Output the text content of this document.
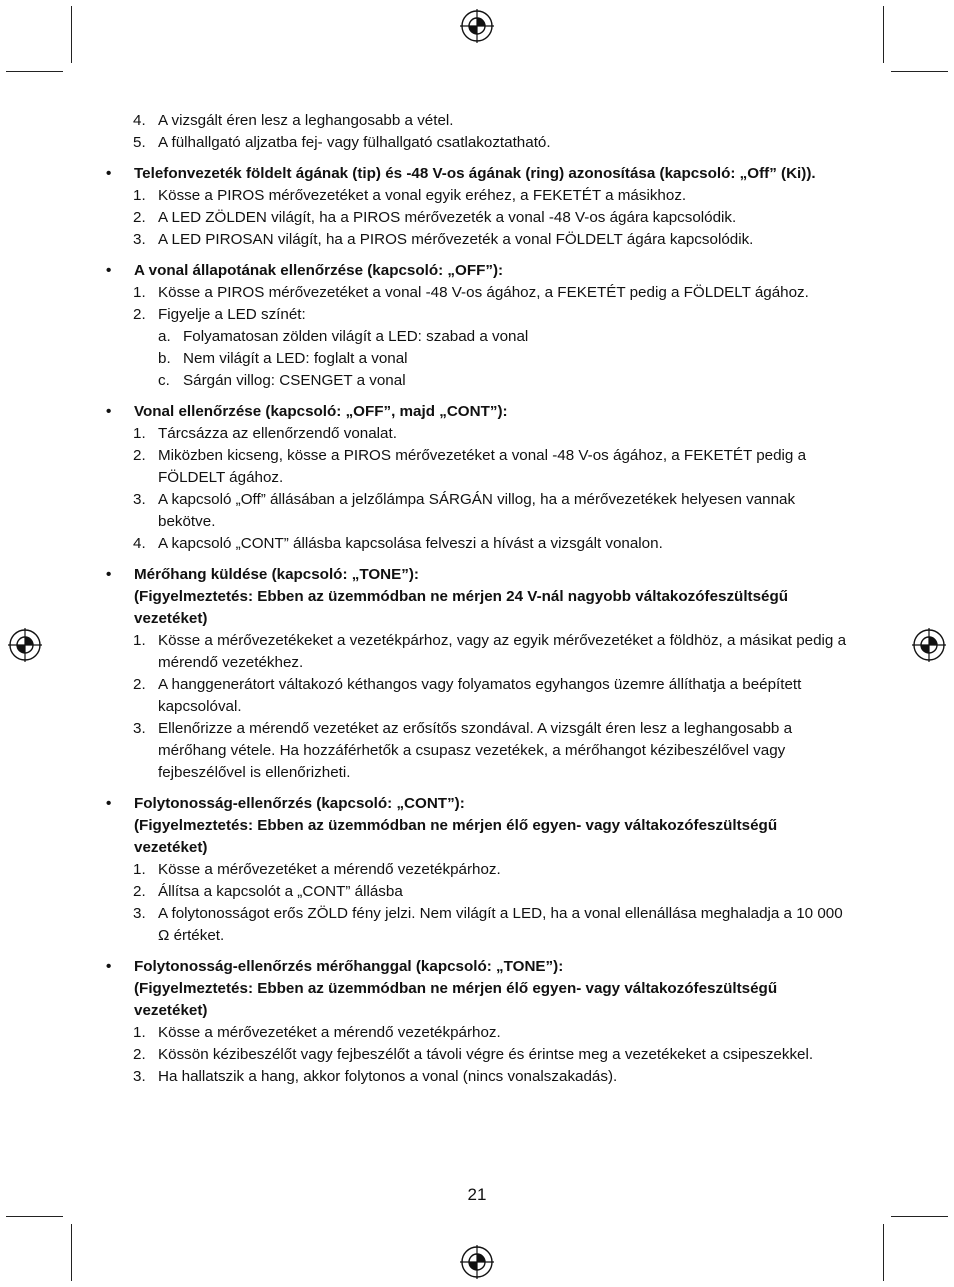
4. A vizsgált éren lesz a leghangosabb a vétel.
5. A fülhallgató aljzatba fej- vagy fülhallgató csatlakoztatható.
• Telefonvezeték földelt ágának (tip) és -48 V-os ágának (ring) azonosítása (kapcsoló: „Off” (Ki)).
1. Kösse a PIROS mérővezetéket a vonal egyik eréhez, a FEKETÉT a másikhoz.
2. A LED ZÖLDEN világít, ha a PIROS mérővezeték a vonal -48 V-os ágára kapcsolódik.
3. A LED PIROSAN világít, ha a PIROS mérővezeték a vonal FÖLDELT ágára kapcsolódik.
• A vonal állapotának ellenőrzése (kapcsoló: „OFF”):
1. Kösse a PIROS mérővezetéket a vonal -48 V-os ágához, a FEKETÉT pedig a FÖLDELT ágához.
2. Figyelje a LED színét:
a. Folyamatosan zölden világít a LED: szabad a vonal
b. Nem világít a LED: foglalt a vonal
c. Sárgán villog: CSENGET a vonal
• Vonal ellenőrzése (kapcsoló: „OFF”, majd „CONT”):
1. Tárcsázza az ellenőrzendő vonalat.
2. Miközben kicseng, kösse a PIROS mérővezetéket a vonal -48 V-os ágához, a FEKETÉT pedig a FÖLDELT ágához.
3. A kapcsoló „Off” állásában a jelzőlámpa SÁRGÁN villog, ha a mérővezetékek helyesen vannak bekötve.
4. A kapcsoló „CONT” állásba kapcsolása felveszi a hívást a vizsgált vonalon.
• Mérőhang küldése (kapcsoló: „TONE”):
(Figyelmeztetés: Ebben az üzemmódban ne mérjen 24 V-nál nagyobb váltakozófeszültségű vezetéket)
1. Kösse a mérővezetékeket a vezetékpárhoz, vagy az egyik mérővezetéket a földhöz, a másikat pedig a mérendő vezetékhez.
2. A hanggenerátort váltakozó kéthangos vagy folyamatos egyhangos üzemre állíthatja a beépített kapcsolóval.
3. Ellenőrizze a mérendő vezetéket az erősítős szondával. A vizsgált éren lesz a leghangosabb a mérőhang vétele. Ha hozzáférhetők a csupasz vezetékek, a mérőhangot kézibeszélővel vagy fejbeszélővel is ellenőrizheti.
• Folytonosság-ellenőrzés (kapcsoló: „CONT”):
(Figyelmeztetés: Ebben az üzemmódban ne mérjen élő egyen- vagy váltakozófeszültségű vezetéket)
1. Kösse a mérővezetéket a mérendő vezetékpárhoz.
2. Állítsa a kapcsolót a „CONT” állásba
3. A folytonosságot erős ZÖLD fény jelzi. Nem világít a LED, ha a vonal ellenállása meghaladja a 10 000 Ω értéket.
• Folytonosság-ellenőrzés mérőhanggal (kapcsoló: „TONE”):
(Figyelmeztetés: Ebben az üzemmódban ne mérjen élő egyen- vagy váltakozófeszültségű vezetéket)
1. Kösse a mérővezetéket a mérendő vezetékpárhoz.
2. Kössön kézibeszélőt vagy fejbeszélőt a távoli végre és érintse meg a vezetékeket a csipeszekkel.
3. Ha hallatszik a hang, akkor folytonos a vonal (nincs vonalszakadás).
21
